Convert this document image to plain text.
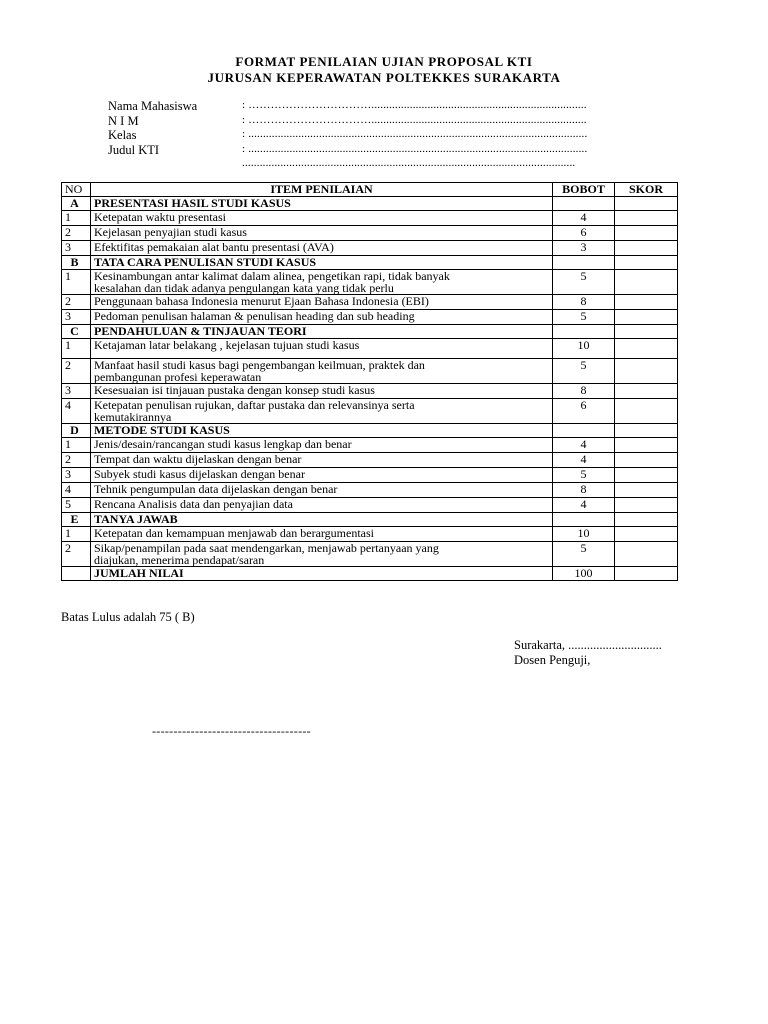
FORMAT PENILAIAN UJIAN PROPOSAL KTI
JURUSAN KEPERAWATAN POLTEKKES SURAKARTA
Nama Mahasiswa	: …………………………….........................................................................
N I M	: …………………………….........................................................................
Kelas	: ...................................................................................................................
Judul KTI	: ...................................................................................................................
.................................................................................................................
NO	ITEM PENILAIAN	BOBOT	SKOR
A	PRESENTASI HASIL STUDI KASUS		
1	Ketepatan waktu presentasi	4	
2	Kejelasan penyajian studi kasus	6	
3	Efektifitas pemakaian alat bantu presentasi (AVA)	3	
B	TATA CARA PENULISAN STUDI KASUS		
1	Kesinambungan antar kalimat dalam alinea, pengetikan rapi, tidak banyak
kesalahan dan tidak adanya pengulangan kata yang tidak perlu	5	
2	Penggunaan bahasa Indonesia menurut Ejaan Bahasa Indonesia (EBI)	8	
3	Pedoman penulisan halaman & penulisan heading dan sub heading	5	
C	PENDAHULUAN & TINJAUAN TEORI		
1	Ketajaman latar belakang , kejelasan tujuan studi kasus	10	
2	Manfaat hasil studi kasus bagi pengembangan keilmuan, praktek dan
pembangunan profesi keperawatan	5	
3	Kesesuaian isi tinjauan pustaka dengan konsep studi kasus	8	
4	Ketepatan penulisan rujukan, daftar pustaka dan relevansinya serta
kemutakirannya	6	
D	METODE STUDI KASUS		
1	Jenis/desain/rancangan studi kasus lengkap dan benar	4	
2	Tempat dan waktu dijelaskan dengan benar	4	
3	Subyek studi kasus dijelaskan dengan benar	5	
4	Tehnik pengumpulan data dijelaskan dengan benar	8	
5	Rencana Analisis data dan penyajian data	4	
E	TANYA JAWAB		
1	Ketepatan dan kemampuan menjawab dan berargumentasi	10	
2	Sikap/penampilan pada saat mendengarkan, menjawab pertanyaan yang
diajukan, menerima pendapat/saran	5	
	JUMLAH NILAI	100	
Batas Lulus adalah 75 ( B)
Surakarta, ..............................
Dosen Penguji,
-------------------------------------
